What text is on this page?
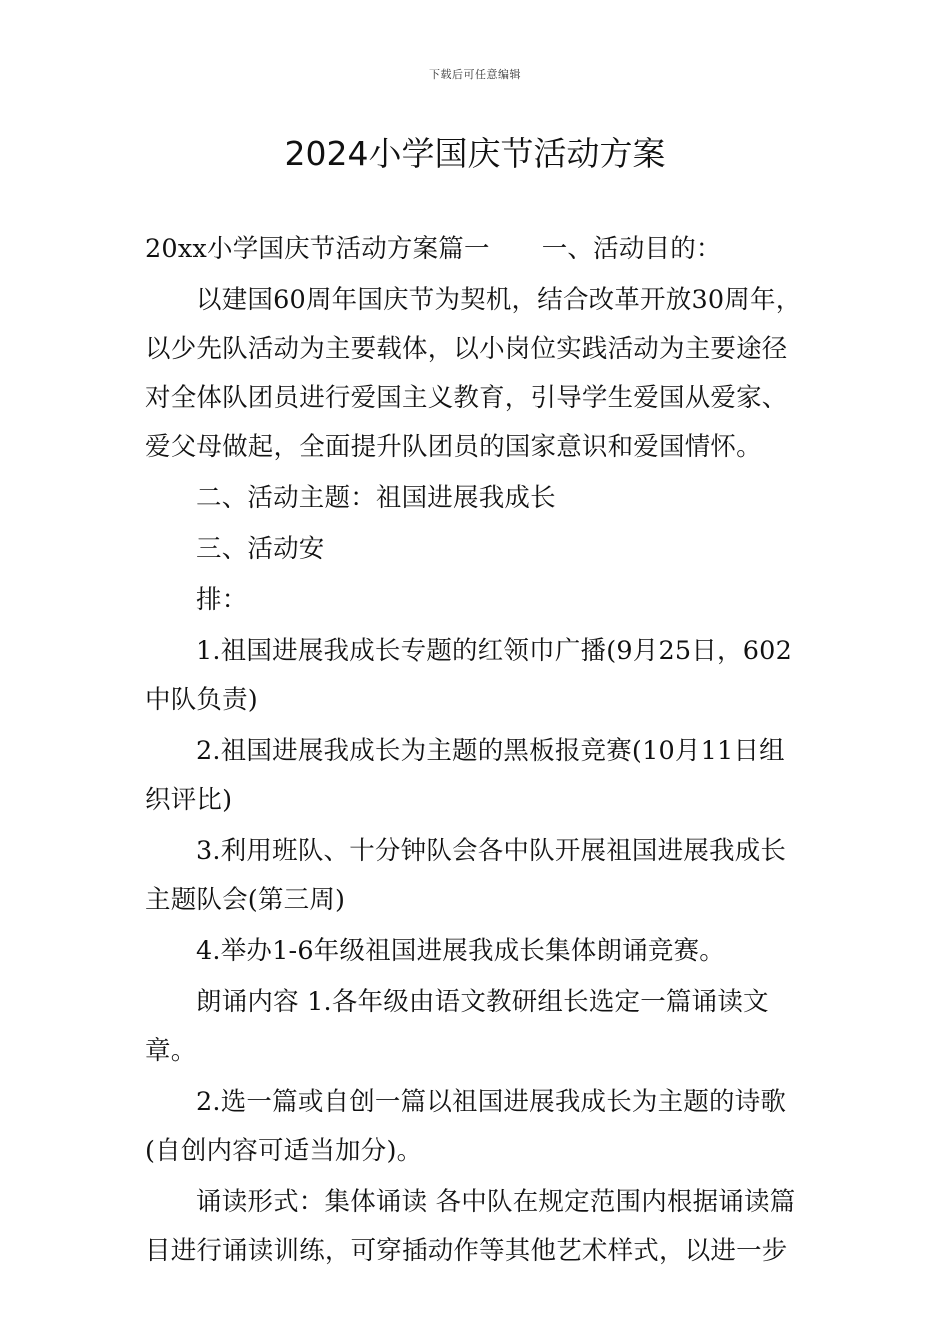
下载后可任意编辑
2024小学国庆节活动方案

20xx小学国庆节活动方案篇一 一、活动目的：

以建国60周年国庆节为契机，结合改革开放30周年，以少先队活动为主要载体，以小岗位实践活动为主要途径对全体队团员进行爱国主义教育，引导学生爱国从爱家、爱父母做起，全面提升队团员的国家意识和爱国情怀。

二、活动主题：祖国进展我成长

三、活动安

排：

1.祖国进展我成长专题的红领巾广播(9月25日，602中队负责)

2.祖国进展我成长为主题的黑板报竞赛(10月11日组织评比)

3.利用班队、十分钟队会各中队开展祖国进展我成长主题队会(第三周)

4.举办1-6年级祖国进展我成长集体朗诵竞赛。

朗诵内容 1.各年级由语文教研组长选定一篇诵读文章。

2.选一篇或自创一篇以祖国进展我成长为主题的诗歌(自创内容可适当加分)。

诵读形式：集体诵读 各中队在规定范围内根据诵读篇目进行诵读训练，可穿插动作等其他艺术样式，以进一步
